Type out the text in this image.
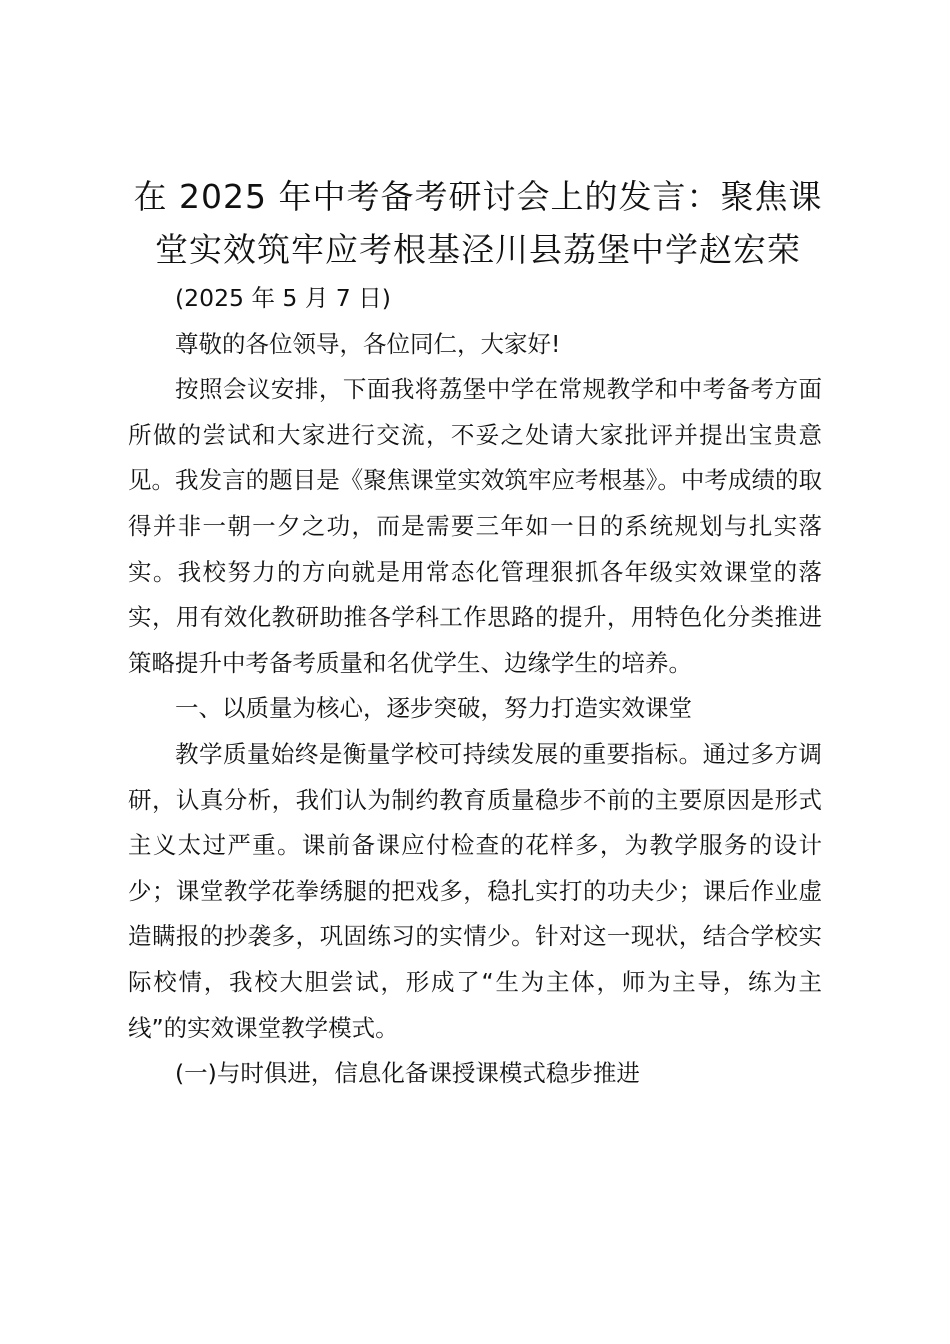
在 2025 年中考备考研讨会上的发言：聚焦课堂实效筑牢应考根基泾川县荔堡中学赵宏荣

(2025 年 5 月 7 日)

尊敬的各位领导，各位同仁，大家好!

按照会议安排，下面我将荔堡中学在常规教学和中考备考方面所做的尝试和大家进行交流，不妥之处请大家批评并提出宝贵意见。我发言的题目是《聚焦课堂实效筑牢应考根基》。中考成绩的取得并非一朝一夕之功，而是需要三年如一日的系统规划与扎实落实。我校努力的方向就是用常态化管理狠抓各年级实效课堂的落实，用有效化教研助推各学科工作思路的提升，用特色化分类推进策略提升中考备考质量和名优学生、边缘学生的培养。

一、以质量为核心，逐步突破，努力打造实效课堂

教学质量始终是衡量学校可持续发展的重要指标。通过多方调研，认真分析，我们认为制约教育质量稳步不前的主要原因是形式主义太过严重。课前备课应付检查的花样多，为教学服务的设计少；课堂教学花拳绣腿的把戏多，稳扎实打的功夫少；课后作业虚造瞒报的抄袭多，巩固练习的实情少。针对这一现状，结合学校实际校情，我校大胆尝试，形成了“生为主体，师为主导，练为主线”的实效课堂教学模式。

(一)与时俱进，信息化备课授课模式稳步推进
